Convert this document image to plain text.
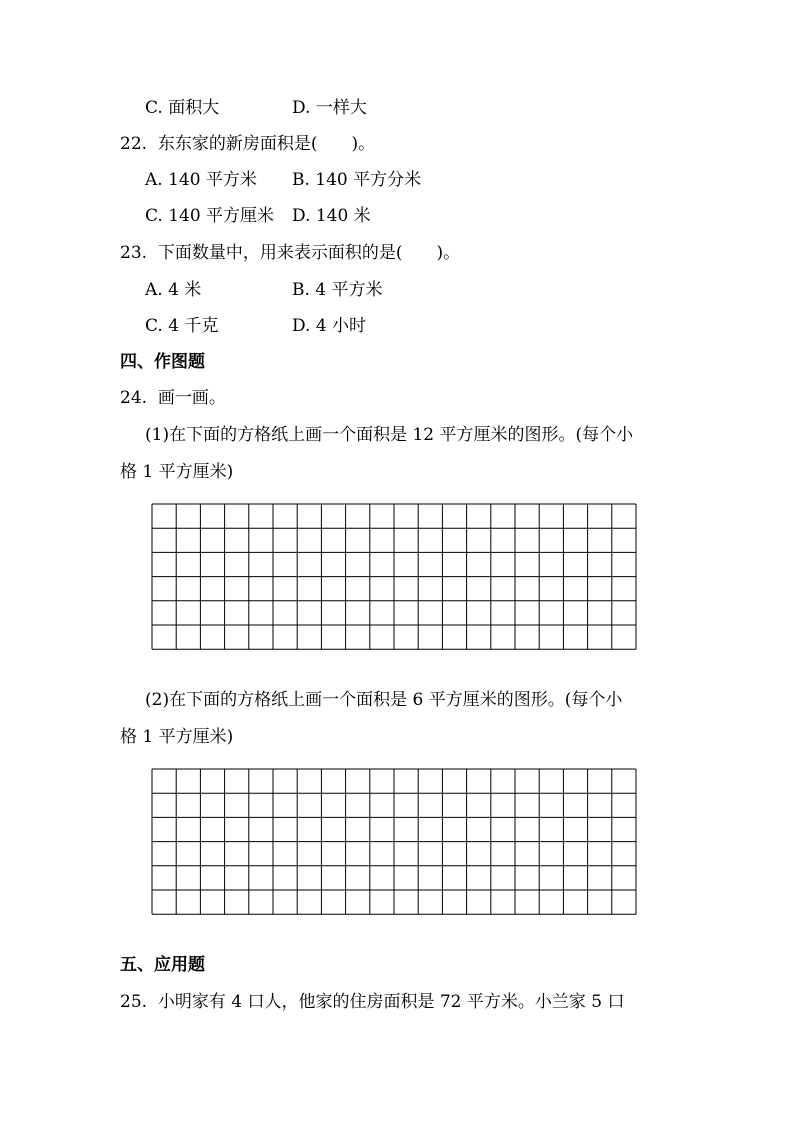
C. 面积大	D. 一样大
22.  东东家的新房面积是(　　)。
A. 140 平方米 B. 140 平方分米
C. 140 平方厘米 D. 140 米
23.  下面数量中，用来表示面积的是(　　)。
A. 4 米	B. 4 平方米
C. 4 千克	D. 4 小时
四、作图题
24.  画一画。
(1)在下面的方格纸上画一个面积是 12 平方厘米的图形。(每个小
格 1 平方厘米)
(2)在下面的方格纸上画一个面积是 6 平方厘米的图形。(每个小
格 1 平方厘米)
五、应用题
25.  小明家有 4 口人，他家的住房面积是 72 平方米。小兰家 5 口
